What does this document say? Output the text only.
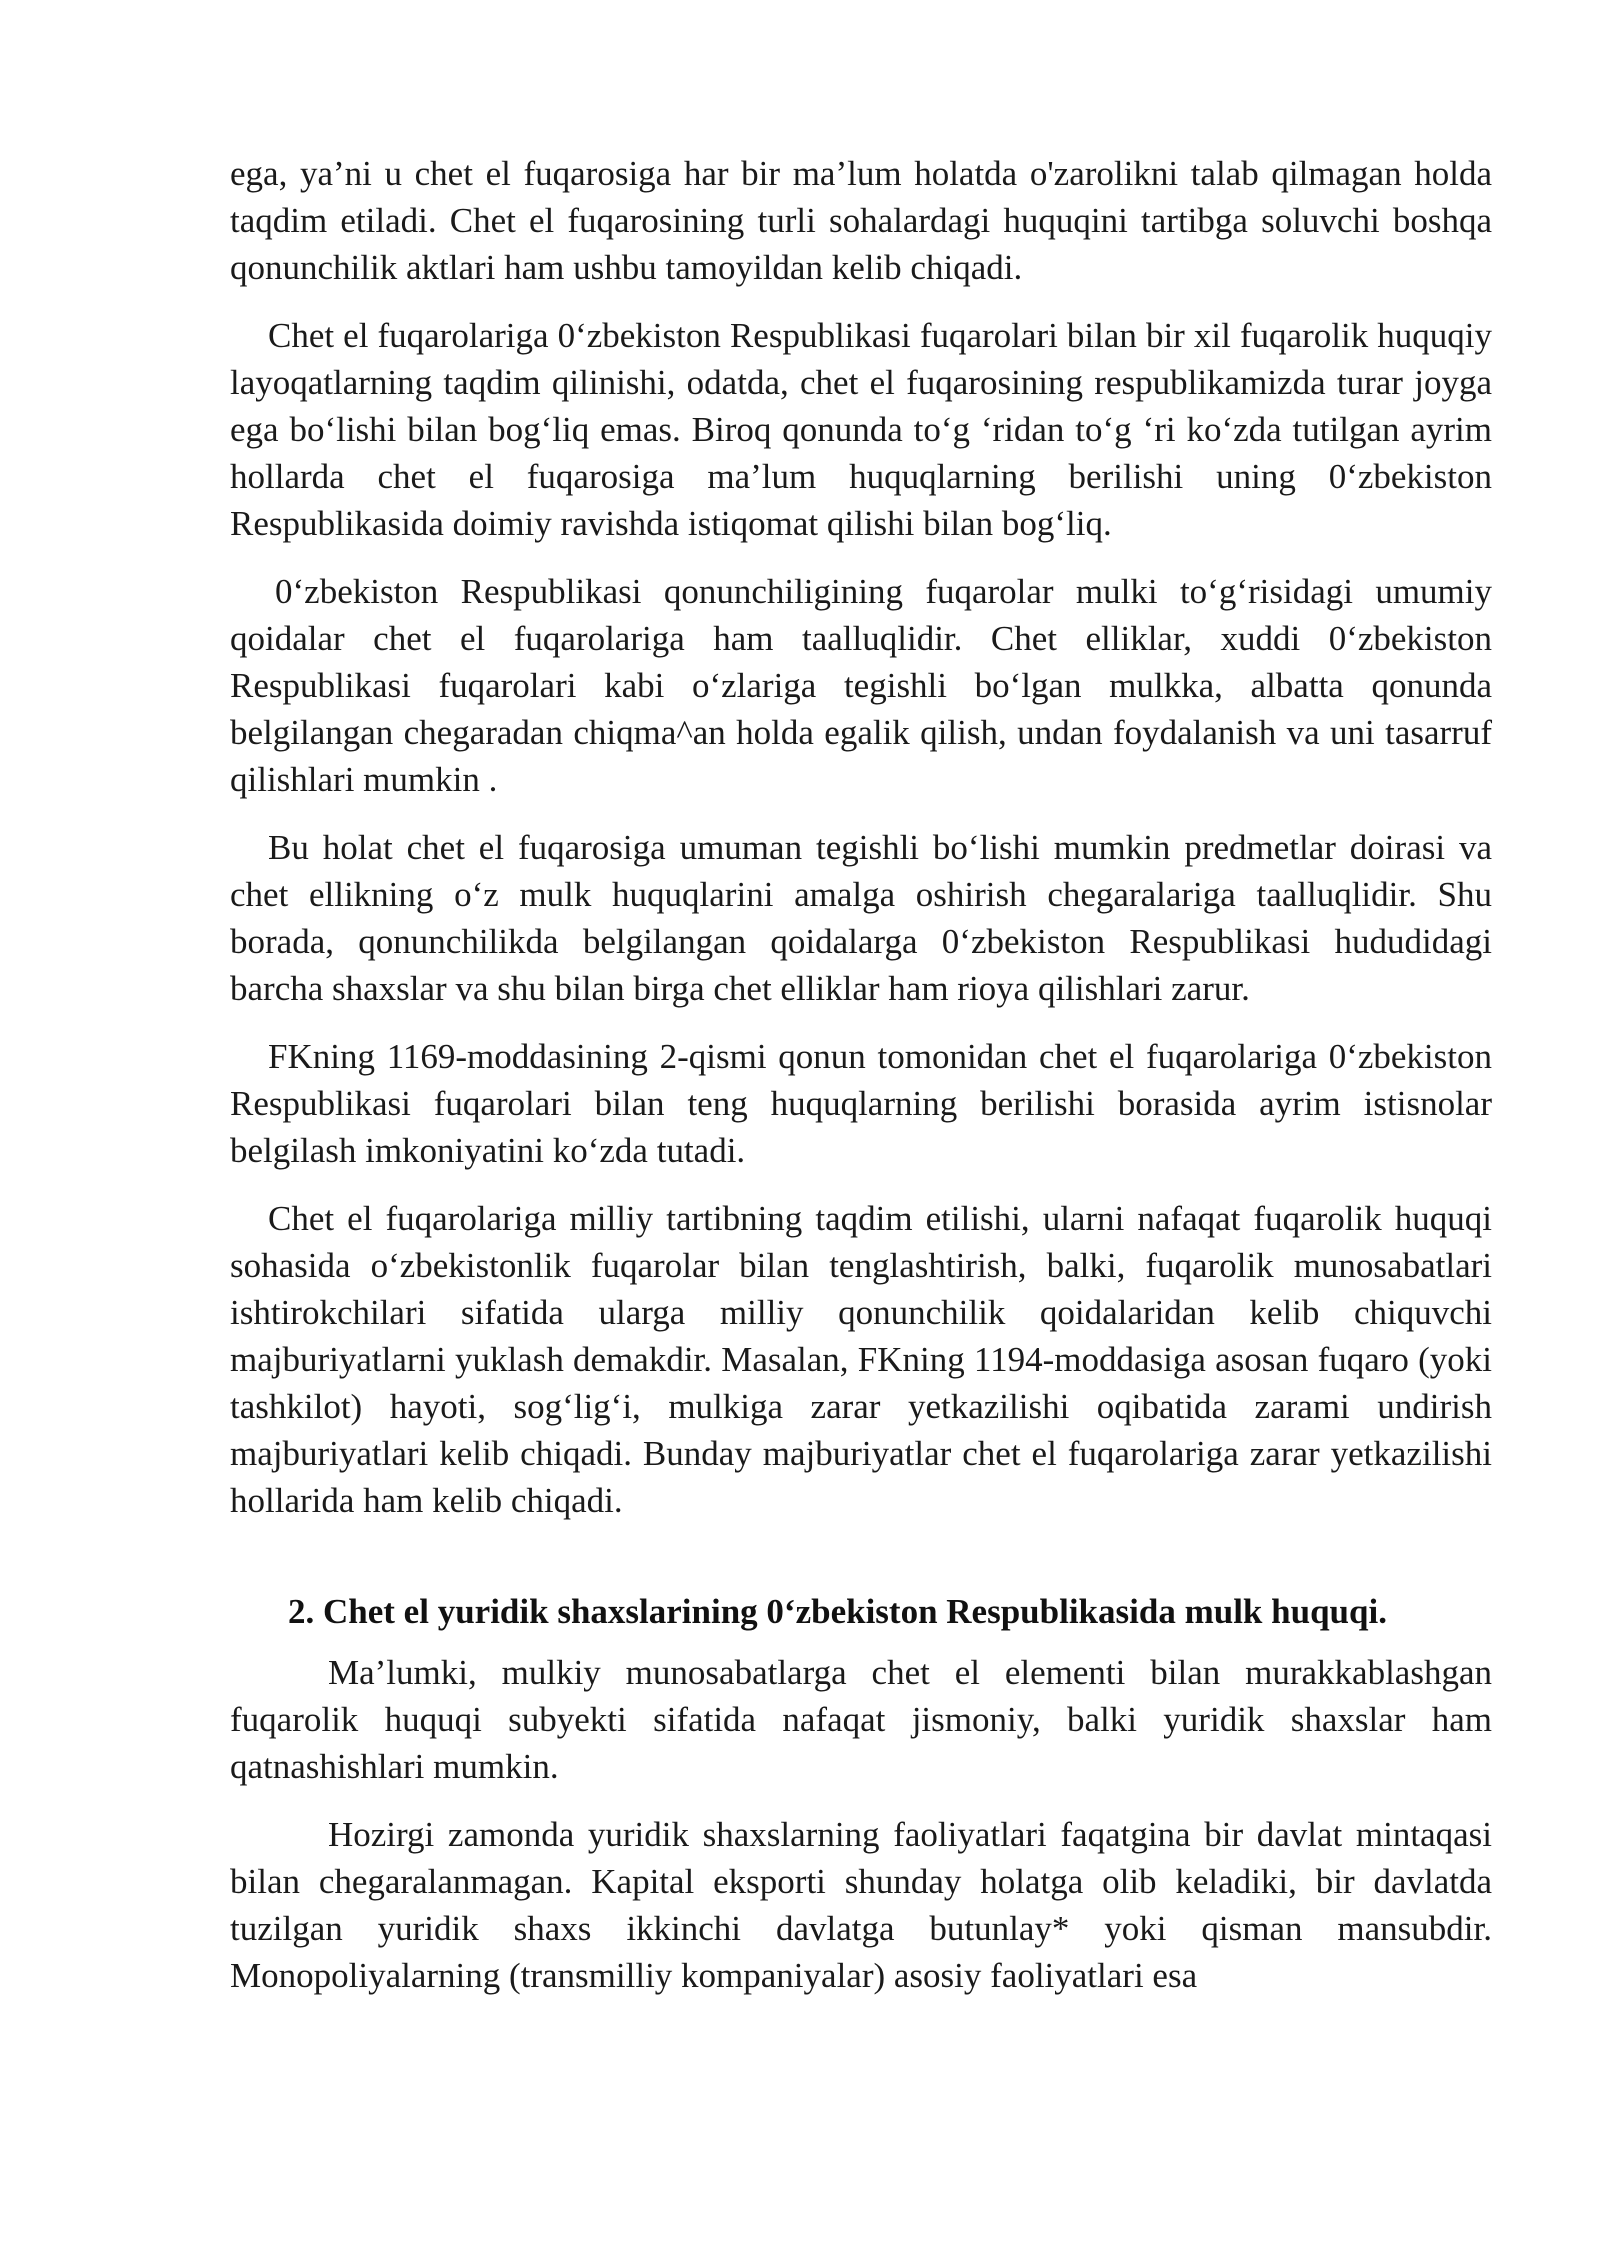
ega, ya’ni u chet el fuqarosiga har bir ma’lum holatda o'zarolikni talab qilmagan holda taqdim etiladi. Chet el fuqarosining turli sohalardagi huquqini tartibga soluvchi boshqa qonunchilik aktlari ham ushbu tamoyildan kelib chiqadi.

Chet el fuqarolariga 0‘zbekiston Respublikasi fuqarolari bilan bir xil fuqarolik huquqiy layoqatlarning taqdim qilinishi, odatda, chet el fuqarosining respublikamizda turar joyga ega bo‘lishi bilan bog‘liq emas. Biroq qonunda to‘g ‘ridan to‘g ‘ri ko‘zda tutilgan ayrim hollarda chet el fuqarosiga ma’lum huquqlarning berilishi uning 0‘zbekiston Respublikasida doimiy ravishda istiqomat qilishi bilan bog‘liq.

0‘zbekiston Respublikasi qonunchiligining fuqarolar mulki to‘g‘risidagi umumiy qoidalar chet el fuqarolariga ham taalluqlidir. Chet elliklar, xuddi 0‘zbekiston Respublikasi fuqarolari kabi o‘zlariga tegishli bo‘lgan mulkka, albatta qonunda belgilangan chegaradan chiqma^an holda egalik qilish, undan foydalanish va uni tasarruf qilishlari mumkin .

Bu holat chet el fuqarosiga umuman tegishli bo‘lishi mumkin predmetlar doirasi va chet ellikning o‘z mulk huquqlarini amalga oshirish chegaralariga taalluqlidir. Shu borada, qonunchilikda belgilangan qoidalarga 0‘zbekiston Respublikasi hududidagi barcha shaxslar va shu bilan birga chet elliklar ham rioya qilishlari zarur.

FKning 1169-moddasining 2-qismi qonun tomonidan chet el fuqarolariga 0‘zbekiston Respublikasi fuqarolari bilan teng huquqlarning berilishi borasida ayrim istisnolar belgilash imkoniyatini ko‘zda tutadi.

Chet el fuqarolariga milliy tartibning taqdim etilishi, ularni nafaqat fuqarolik huquqi sohasida o‘zbekistonlik fuqarolar bilan tenglashtirish, balki, fuqarolik munosabatlari ishtirokchilari sifatida ularga milliy qonunchilik qoidalaridan kelib chiquvchi majburiyatlarni yuklash demakdir. Masalan, FKning 1194-moddasiga asosan fuqaro (yoki tashkilot) hayoti, sog‘lig‘i, mulkiga zarar yetkazilishi oqibatida zarami undirish majburiyatlari kelib chiqadi. Bunday majburiyatlar chet el fuqarolariga zarar yetkazilishi hollarida ham kelib chiqadi.

2. Chet el yuridik shaxslarining 0‘zbekiston Respublikasida mulk huquqi.

Ma’lumki, mulkiy munosabatlarga chet el elementi bilan murakkablashgan fuqarolik huquqi subyekti sifatida nafaqat jismoniy, balki yuridik shaxslar ham qatnashishlari mumkin.

Hozirgi zamonda yuridik shaxslarning faoliyatlari faqatgina bir davlat mintaqasi bilan chegaralanmagan. Kapital eksporti shunday holatga olib keladiki, bir davlatda tuzilgan yuridik shaxs ikkinchi davlatga butunlay* yoki qisman mansubdir. Monopoliyalarning (transmilliy kompaniyalar) asosiy faoliyatlari esa
